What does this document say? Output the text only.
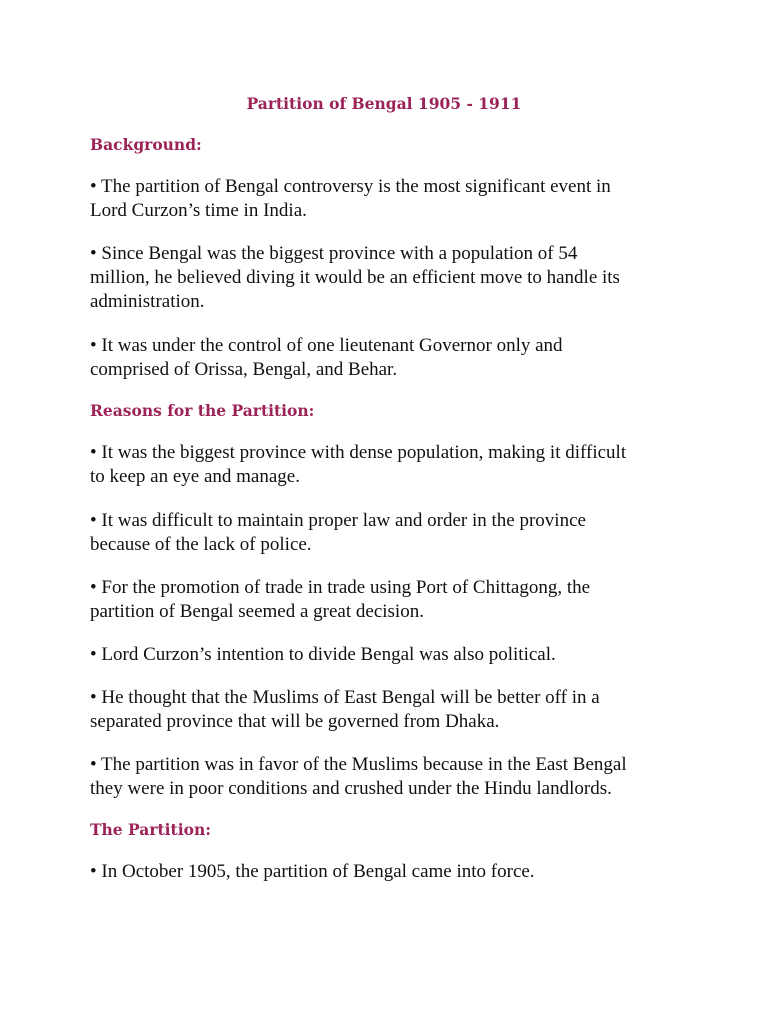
Partition of Bengal 1905 - 1911
Background:

• The partition of Bengal controversy is the most significant event in
Lord Curzon’s time in India.

• Since Bengal was the biggest province with a population of 54
million, he believed diving it would be an efficient move to handle its
administration.

• It was under the control of one lieutenant Governor only and
comprised of Orissa, Bengal, and Behar.

Reasons for the Partition:

• It was the biggest province with dense population, making it difficult
to keep an eye and manage.

• It was difficult to maintain proper law and order in the province
because of the lack of police.

• For the promotion of trade in trade using Port of Chittagong, the
partition of Bengal seemed a great decision.

• Lord Curzon’s intention to divide Bengal was also political.

• He thought that the Muslims of East Bengal will be better off in a
separated province that will be governed from Dhaka.

• The partition was in favor of the Muslims because in the East Bengal
they were in poor conditions and crushed under the Hindu landlords.

The Partition:

• In October 1905, the partition of Bengal came into force.
